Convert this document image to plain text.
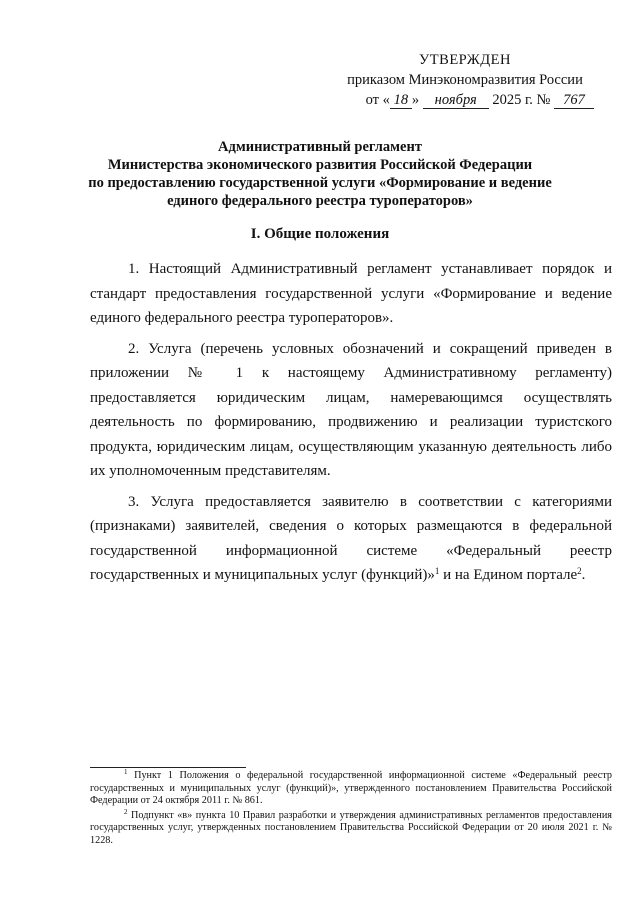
УТВЕРЖДЕН
приказом Минэкономразвития России
от « 18 » ноября 2025 г. № 767
Административный регламент
Министерства экономического развития Российской Федерации
по предоставлению государственной услуги «Формирование и ведение
единого федерального реестра туроператоров»
I. Общие положения

1. Настоящий Административный регламент устанавливает порядок и стандарт предоставления государственной услуги «Формирование и ведение единого федерального реестра туроператоров».

2. Услуга (перечень условных обозначений и сокращений приведен в приложении № 1 к настоящему Административному регламенту) предоставляется юридическим лицам, намеревающимся осуществлять деятельность по формированию, продвижению и реализации туристского продукта, юридическим лицам, осуществляющим указанную деятельность либо их уполномоченным представителям.

3. Услуга предоставляется заявителю в соответствии с категориями (признаками) заявителей, сведения о которых размещаются в федеральной государственной информационной системе «Федеральный реестр государственных и муниципальных услуг (функций)»$^1$ и на Едином портале$^2$.

$^1$ Пункт 1 Положения о федеральной государственной информационной системе «Федеральный реестр государственных и муниципальных услуг (функций)», утвержденного постановлением Правительства Российской Федерации от 24 октября 2011 г. № 861.

$^2$ Подпункт «в» пункта 10 Правил разработки и утверждения административных регламентов предоставления государственных услуг, утвержденных постановлением Правительства Российской Федерации от 20 июля 2021 г. № 1228.
